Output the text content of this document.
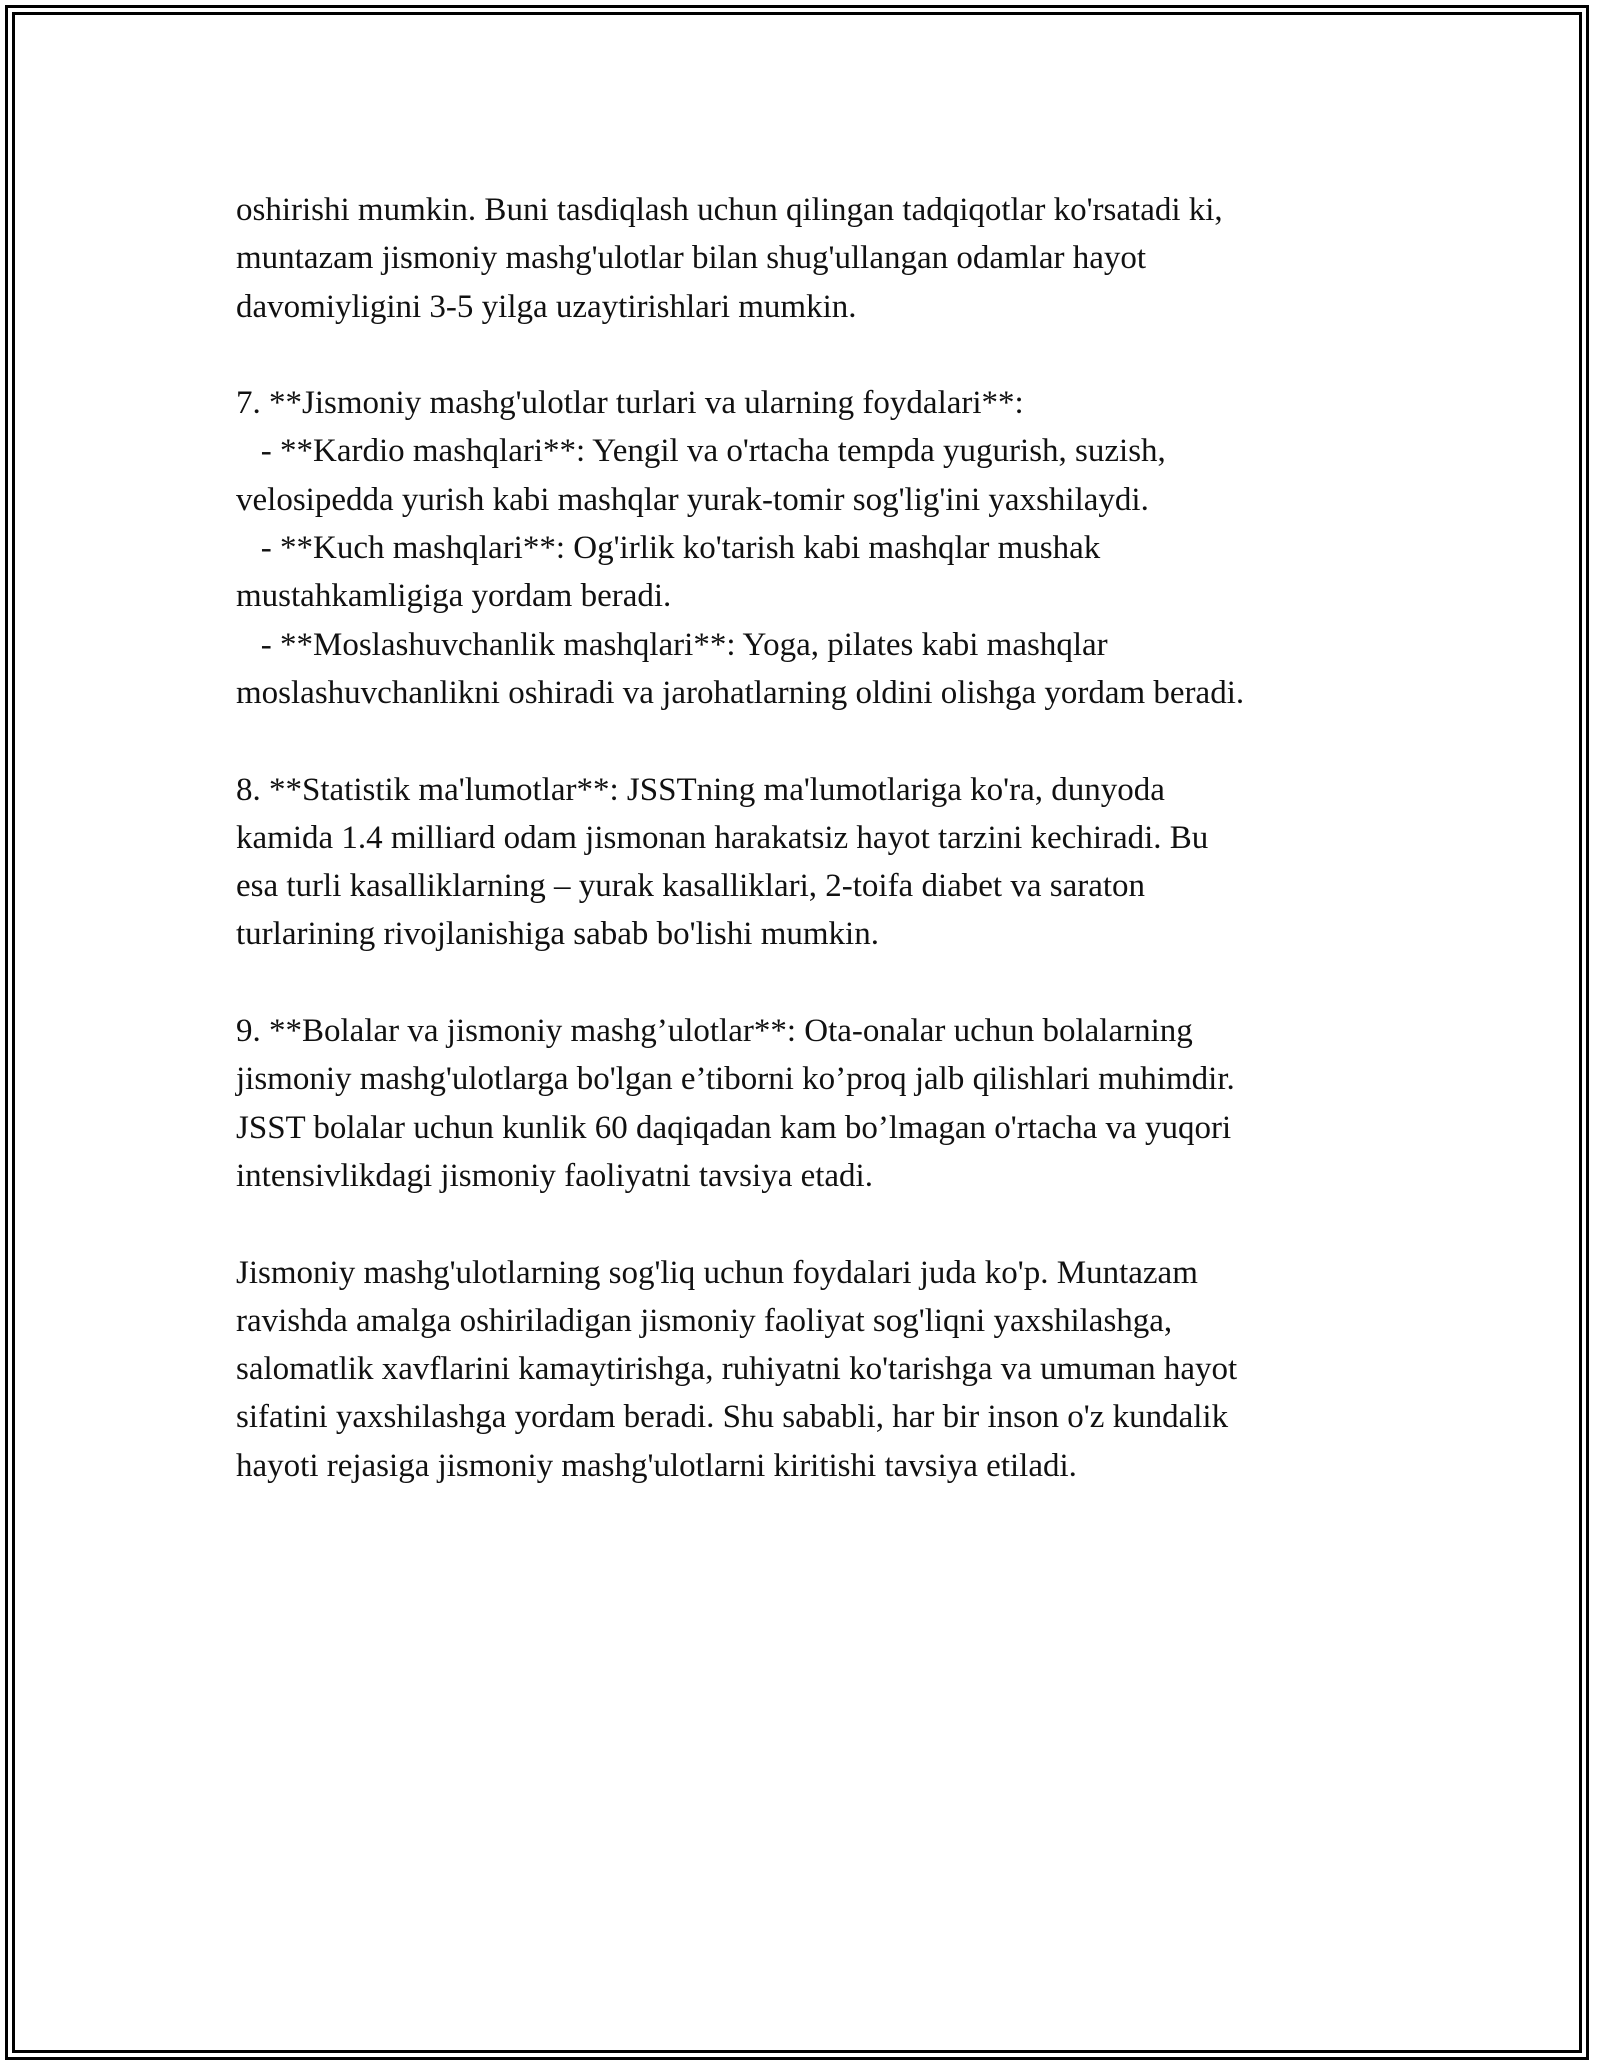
oshirishi mumkin. Buni tasdiqlash uchun qilingan tadqiqotlar ko'rsatadi ki,
muntazam jismoniy mashg'ulotlar bilan shug'ullangan odamlar hayot
davomiyligini 3-5 yilga uzaytirishlari mumkin.

7. **Jismoniy mashg'ulotlar turlari va ularning foydalari**:
- **Kardio mashqlari**: Yengil va o'rtacha tempda yugurish, suzish,
velosipedda yurish kabi mashqlar yurak-tomir sog'lig'ini yaxshilaydi.
- **Kuch mashqlari**: Og'irlik ko'tarish kabi mashqlar mushak
mustahkamligiga yordam beradi.
- **Moslashuvchanlik mashqlari**: Yoga, pilates kabi mashqlar
moslashuvchanlikni oshiradi va jarohatlarning oldini olishga yordam beradi.

8. **Statistik ma'lumotlar**: JSSTning ma'lumotlariga ko'ra, dunyoda
kamida 1.4 milliard odam jismonan harakatsiz hayot tarzini kechiradi. Bu
esa turli kasalliklarning – yurak kasalliklari, 2-toifa diabet va saraton
turlarining rivojlanishiga sabab bo'lishi mumkin.

9. **Bolalar va jismoniy mashg’ulotlar**: Ota-onalar uchun bolalarning
jismoniy mashg'ulotlarga bo'lgan e’tiborni ko’proq jalb qilishlari muhimdir.
JSST bolalar uchun kunlik 60 daqiqadan kam bo’lmagan o'rtacha va yuqori
intensivlikdagi jismoniy faoliyatni tavsiya etadi.

Jismoniy mashg'ulotlarning sog'liq uchun foydalari juda ko'p. Muntazam
ravishda amalga oshiriladigan jismoniy faoliyat sog'liqni yaxshilashga,
salomatlik xavflarini kamaytirishga, ruhiyatni ko'tarishga va umuman hayot
sifatini yaxshilashga yordam beradi. Shu sababli, har bir inson o'z kundalik
hayoti rejasiga jismoniy mashg'ulotlarni kiritishi tavsiya etiladi.
